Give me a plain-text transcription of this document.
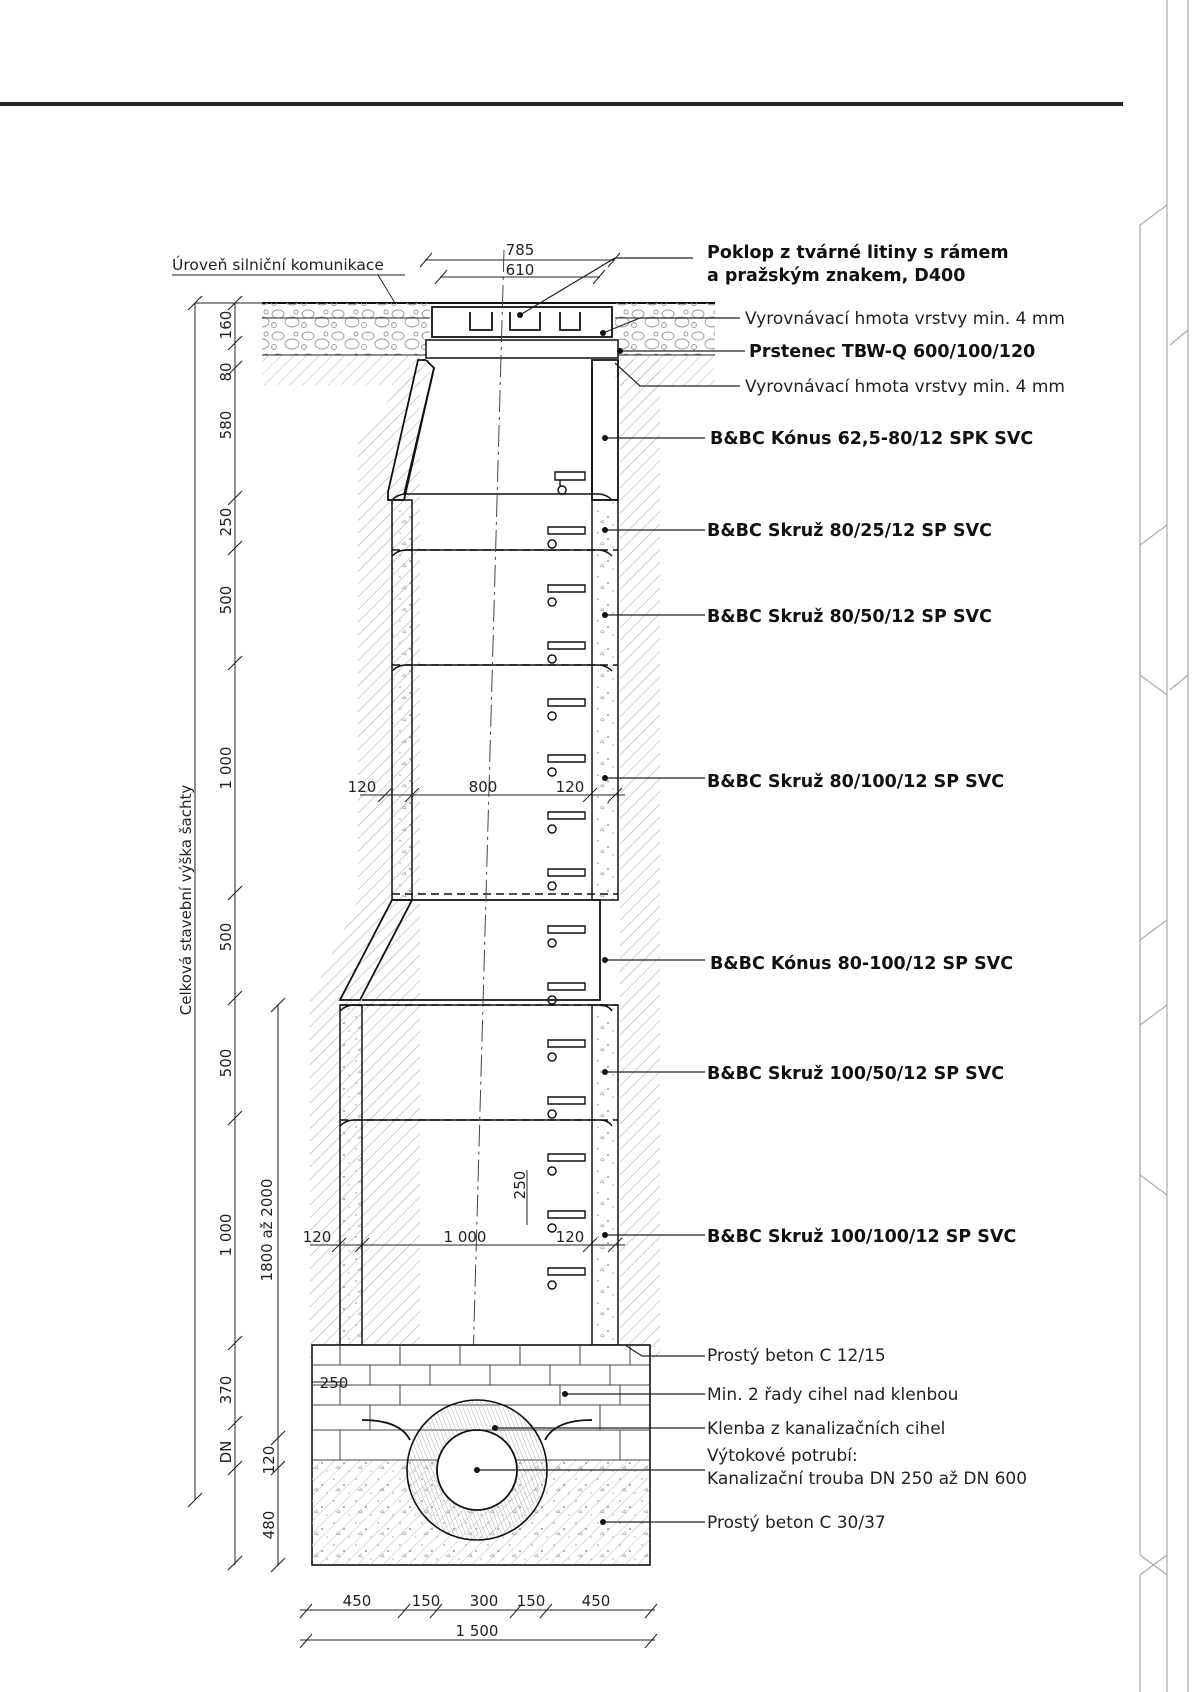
Úroveň silniční komunikace
785
610
160
80
580
250
500
1 000
500
500
1 000
370
DN
480
120
Celková stavební výška šachty
1800 až 2000	250
120	800	120
120	1 000	120
250
450	150 300 150 450
1 500
Poklop z tvárné litiny s rámem
a pražským znakem, D400
Vyrovnávací hmota vrstvy min. 4 mm
Prstenec TBW-Q 600/100/120
Vyrovnávací hmota vrstvy min. 4 mm
B&BC Kónus 62,5-80/12 SPK SVC
B&BC Skruž 80/25/12 SP SVC
B&BC Skruž 80/50/12 SP SVC
B&BC Skruž 80/100/12 SP SVC
B&BC Kónus 80-100/12 SP SVC
B&BC Skruž 100/50/12 SP SVC
B&BC Skruž 100/100/12 SP SVC
Prostý beton C 12/15
Min. 2 řady cihel nad klenbou
Klenba z kanalizačních cihel
Výtokové potrubí:
Kanalizační trouba DN 250 až DN 600
Prostý beton C 30/37
